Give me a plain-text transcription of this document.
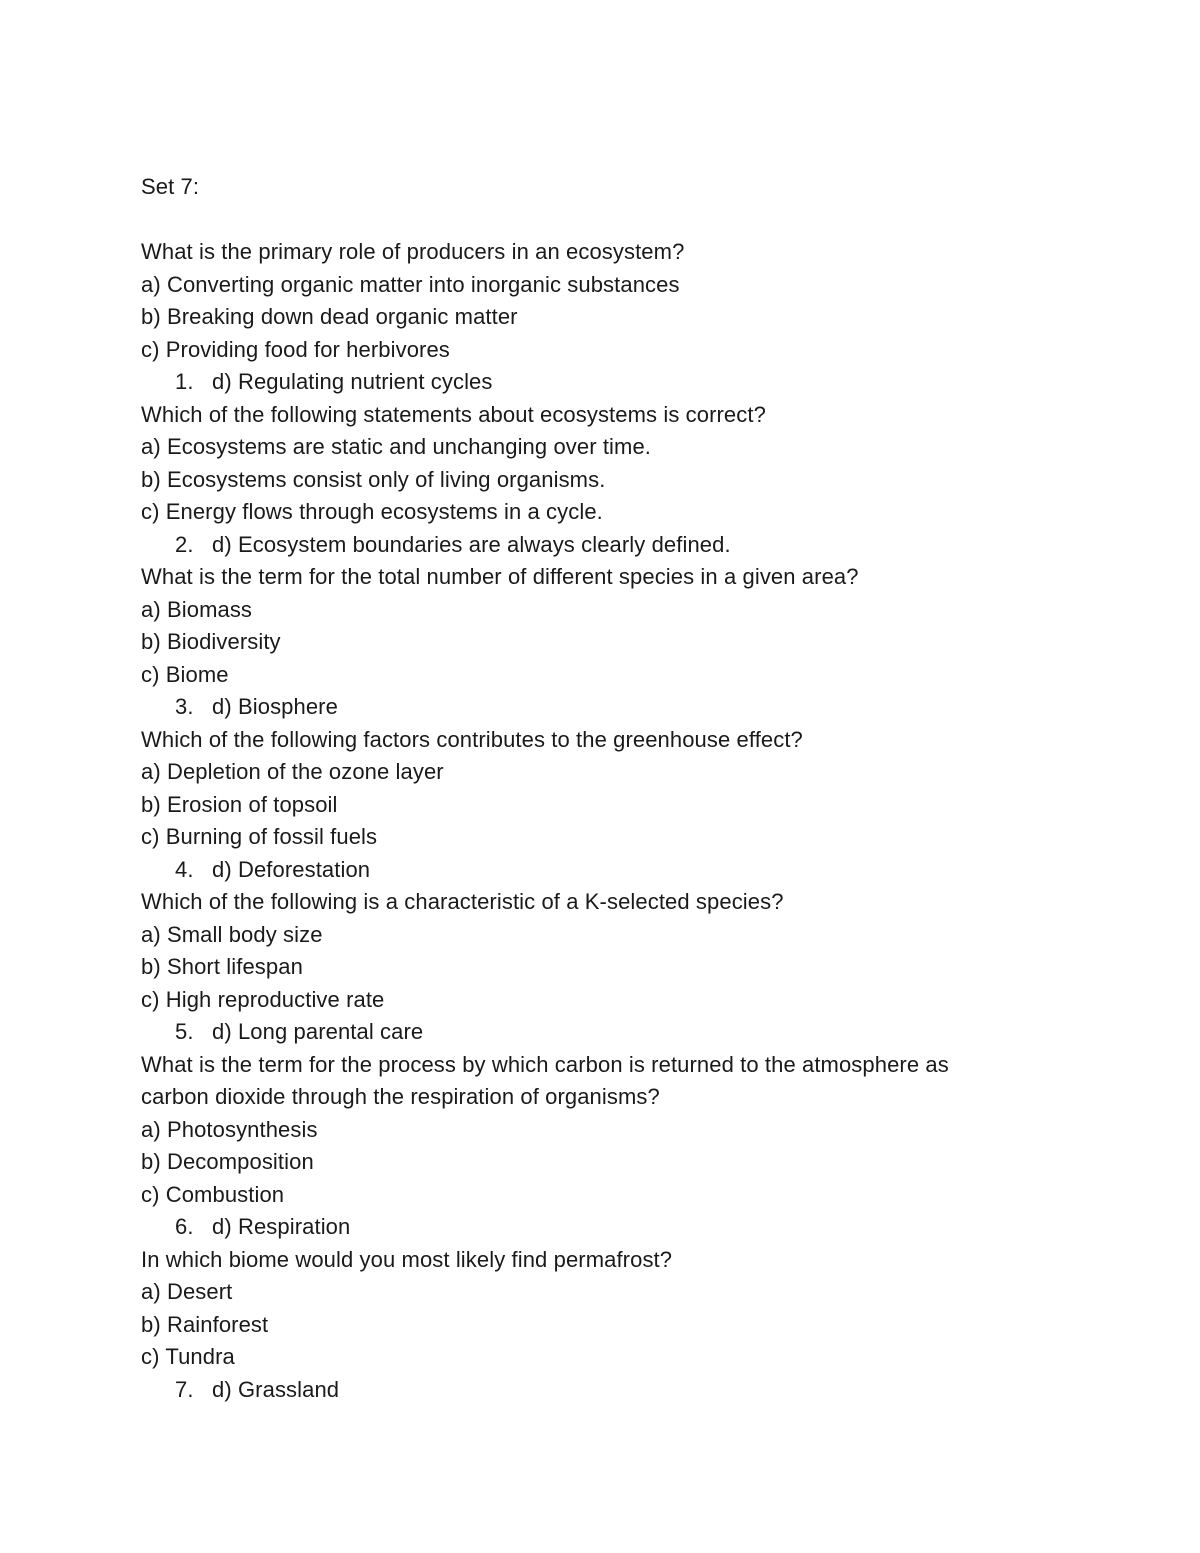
Set 7:
What is the primary role of producers in an ecosystem?
a) Converting organic matter into inorganic substances
b) Breaking down dead organic matter
c) Providing food for herbivores
1. d) Regulating nutrient cycles
Which of the following statements about ecosystems is correct?
a) Ecosystems are static and unchanging over time.
b) Ecosystems consist only of living organisms.
c) Energy flows through ecosystems in a cycle.
2. d) Ecosystem boundaries are always clearly defined.
What is the term for the total number of different species in a given area?
a) Biomass
b) Biodiversity
c) Biome
3. d) Biosphere
Which of the following factors contributes to the greenhouse effect?
a) Depletion of the ozone layer
b) Erosion of topsoil
c) Burning of fossil fuels
4. d) Deforestation
Which of the following is a characteristic of a K-selected species?
a) Small body size
b) Short lifespan
c) High reproductive rate
5. d) Long parental care
What is the term for the process by which carbon is returned to the atmosphere as
carbon dioxide through the respiration of organisms?
a) Photosynthesis
b) Decomposition
c) Combustion
6. d) Respiration
In which biome would you most likely find permafrost?
a) Desert
b) Rainforest
c) Tundra
7. d) Grassland
